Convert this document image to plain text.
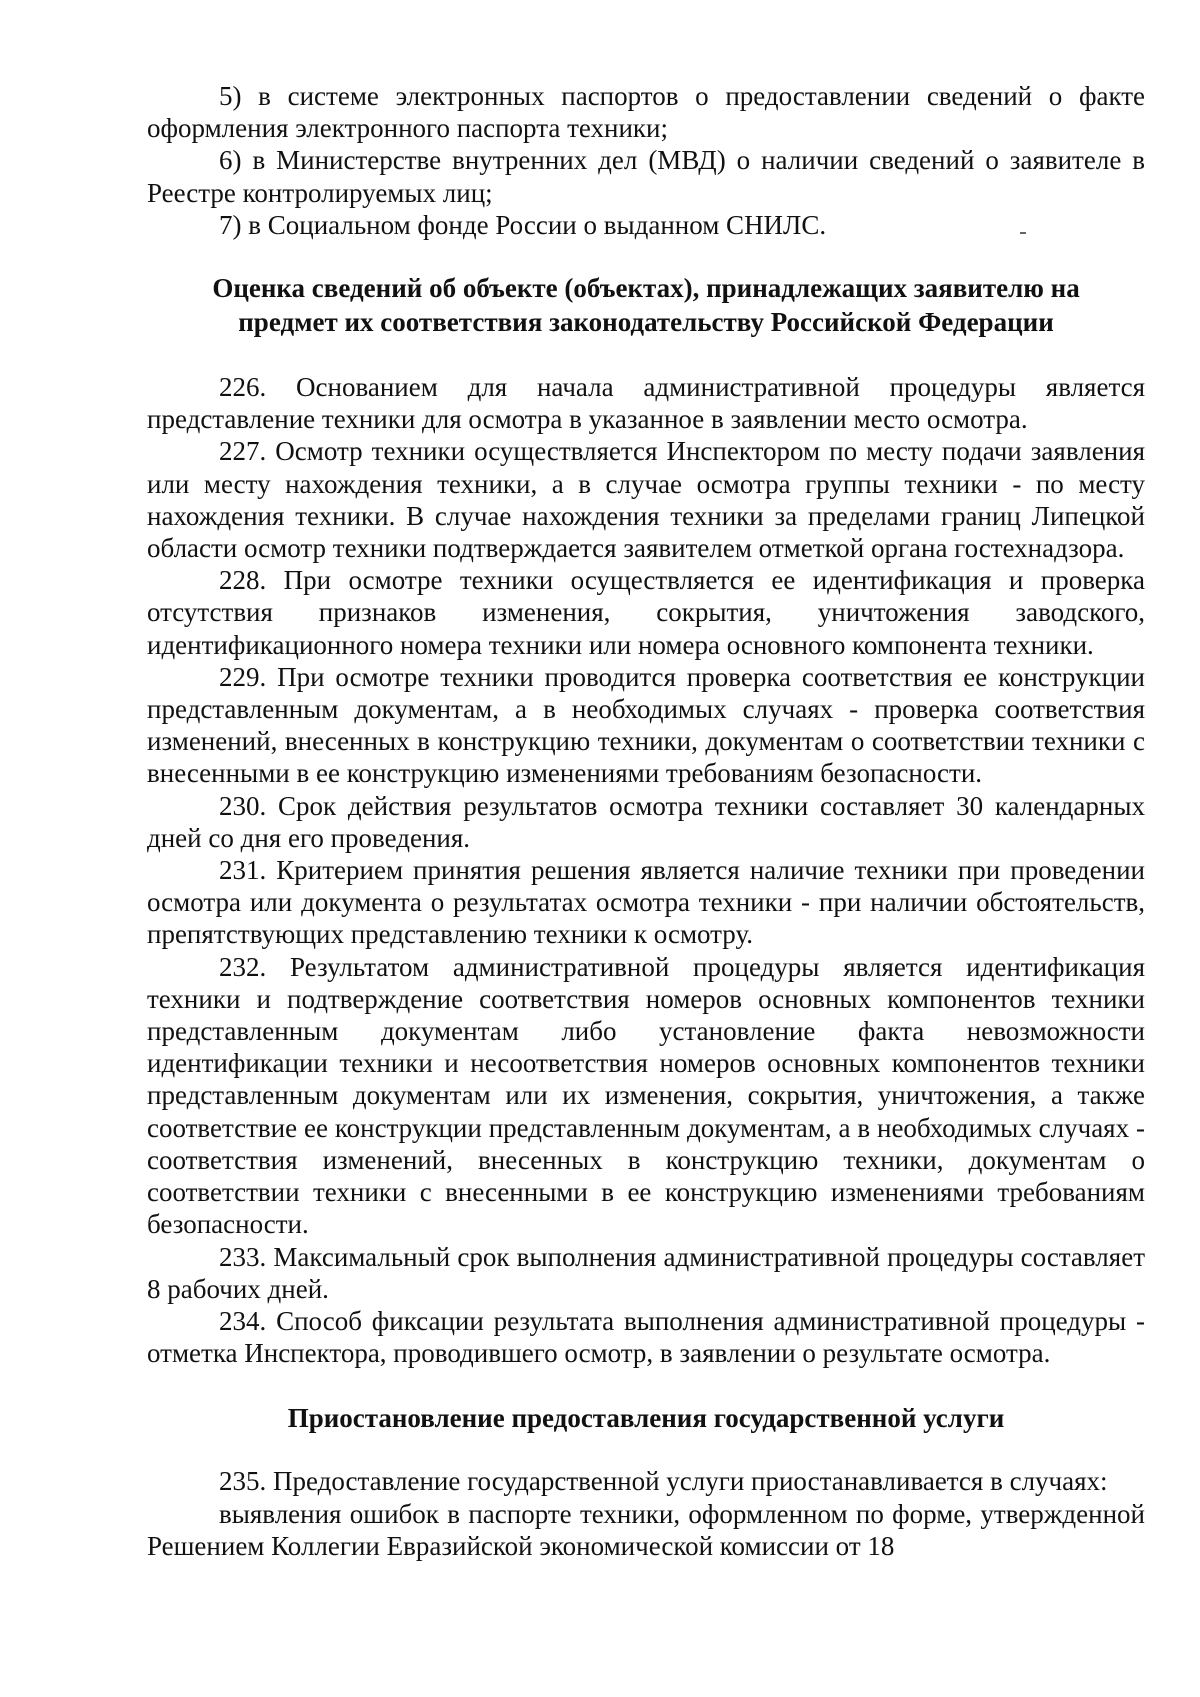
5) в системе электронных паспортов о предоставлении сведений о факте оформления электронного паспорта техники;

6) в Министерстве внутренних дел (МВД) о наличии сведений о заявителе в Реестре контролируемых лиц;

7) в Социальном фонде России о выданном СНИЛС.

Оценка сведений об объекте (объектах), принадлежащих заявителю на
предмет их соответствия законодательству Российской Федерации

226. Основанием для начала административной процедуры является представление техники для осмотра в указанное в заявлении место осмотра.

227. Осмотр техники осуществляется Инспектором по месту подачи заявления или месту нахождения техники, а в случае осмотра группы техники - по месту нахождения техники. В случае нахождения техники за пределами границ Липецкой области осмотр техники подтверждается заявителем отметкой органа гостехнадзора.

228. При осмотре техники осуществляется ее идентификация и проверка отсутствия признаков изменения, сокрытия, уничтожения заводского, идентификационного номера техники или номера основного компонента техники.

229. При осмотре техники проводится проверка соответствия ее конструкции представленным документам, а в необходимых случаях - проверка соответствия изменений, внесенных в конструкцию техники, документам о соответствии техники с внесенными в ее конструкцию изменениями требованиям безопасности.

230. Срок действия результатов осмотра техники составляет 30 календарных дней со дня его проведения.

231. Критерием принятия решения является наличие техники при проведении осмотра или документа о результатах осмотра техники - при наличии обстоятельств, препятствующих представлению техники к осмотру.

232. Результатом административной процедуры является идентификация техники и подтверждение соответствия номеров основных компонентов техники представленным документам либо установление факта невозможности идентификации техники и несоответствия номеров основных компонентов техники представленным документам или их изменения, сокрытия, уничтожения, а также соответствие ее конструкции представленным документам, а в необходимых случаях - соответствия изменений, внесенных в конструкцию техники, документам о соответствии техники с внесенными в ее конструкцию изменениями требованиям безопасности.

233. Максимальный срок выполнения административной процедуры составляет 8 рабочих дней.

234. Способ фиксации результата выполнения административной процедуры - отметка Инспектора, проводившего осмотр, в заявлении о результате осмотра.

Приостановление предоставления государственной услуги

235. Предоставление государственной услуги приостанавливается в случаях:

выявления ошибок в паспорте техники, оформленном по форме, утвержденной Решением Коллегии Евразийской экономической комиссии от 18
